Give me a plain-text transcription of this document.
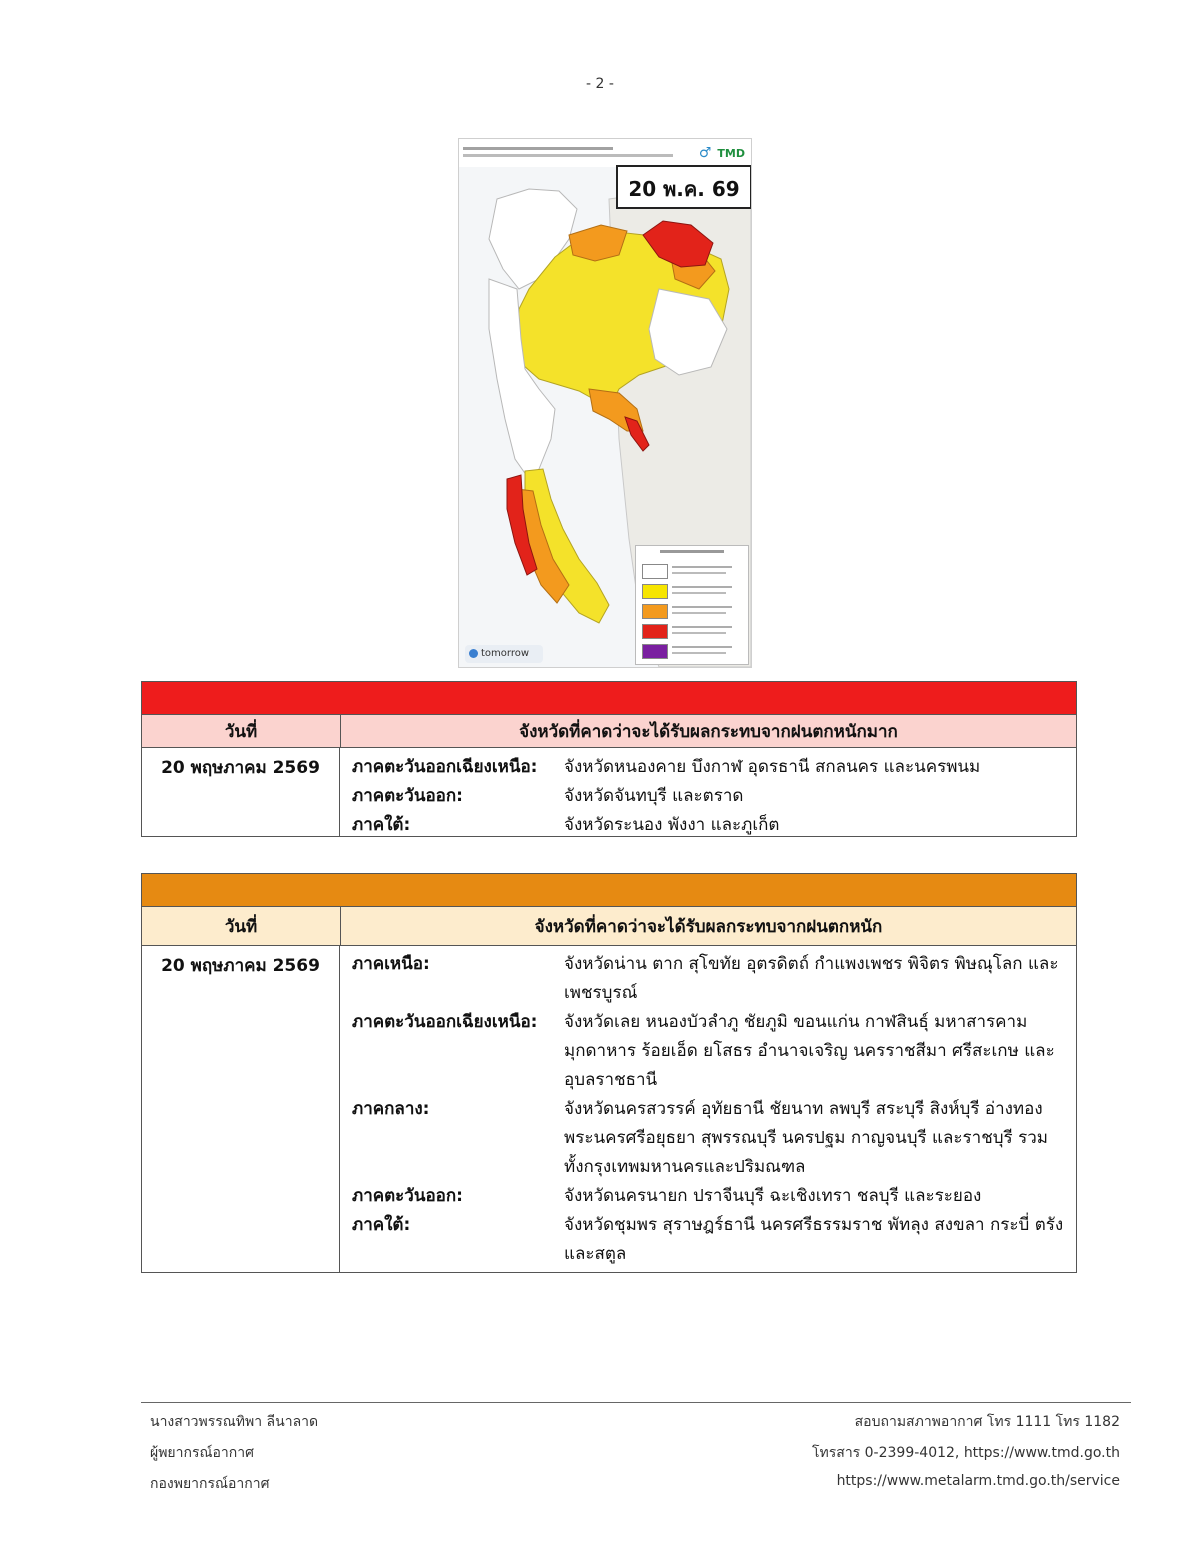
- 2 -
♂ TMD
20 พ.ค. 69
tomorrow
วันที่	จังหวัดที่คาดว่าจะได้รับผลกระทบจากฝนตกหนักมาก
20 พฤษภาคม 2569	ภาคตะวันออกเฉียงเหนือ:	จังหวัดหนองคาย บึงกาฬ อุดรธานี สกลนคร และนครพนม
ภาคตะวันออก:	จังหวัดจันทบุรี และตราด
ภาคใต้:	จังหวัดระนอง พังงา และภูเก็ต
วันที่	จังหวัดที่คาดว่าจะได้รับผลกระทบจากฝนตกหนัก
20 พฤษภาคม 2569	ภาคเหนือ:	จังหวัดน่าน ตาก สุโขทัย อุตรดิตถ์ กำแพงเพชร พิจิตร พิษณุโลก และเพชรบูรณ์
ภาคตะวันออกเฉียงเหนือ:	จังหวัดเลย หนองบัวลำภู ชัยภูมิ ขอนแก่น กาฬสินธุ์ มหาสารคาม มุกดาหาร ร้อยเอ็ด ยโสธร อำนาจเจริญ นครราชสีมา ศรีสะเกษ และอุบลราชธานี
ภาคกลาง:	จังหวัดนครสวรรค์ อุทัยธานี ชัยนาท ลพบุรี สระบุรี สิงห์บุรี อ่างทอง พระนครศรีอยุธยา สุพรรณบุรี นครปฐม กาญจนบุรี และราชบุรี รวมทั้งกรุงเทพมหานครและปริมณฑล
ภาคตะวันออก:	จังหวัดนครนายก ปราจีนบุรี ฉะเชิงเทรา ชลบุรี และระยอง
ภาคใต้:	จังหวัดชุมพร สุราษฎร์ธานี นครศรีธรรมราช พัทลุง สงขลา กระบี่ ตรัง และสตูล
นางสาวพรรณทิพา ลีนาลาด
ผู้พยากรณ์อากาศ
กองพยากรณ์อากาศ
สอบถามสภาพอากาศ โทร 1111 โทร 1182
โทรสาร 0-2399-4012, https://www.tmd.go.th
https://www.metalarm.tmd.go.th/service
